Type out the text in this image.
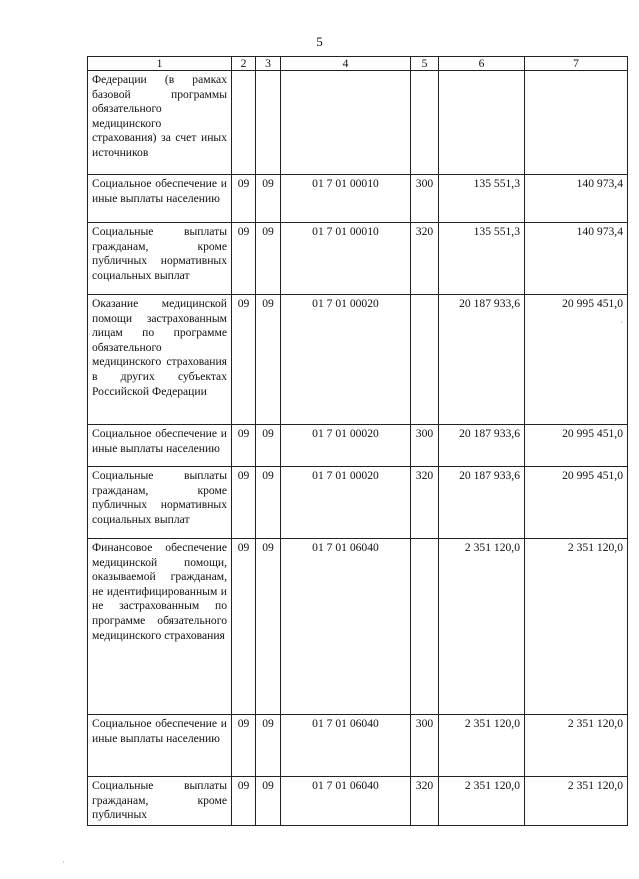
5
1	2	3	4	5	6	7
Федерации (в рамках базовой программы обязательного медицинского страхования) за счет иных источников						
Социальное обеспечение и иные выплаты населению	09	09	01 7 01 00010	300	135 551,3	140 973,4
Социальные выплаты гражданам, кроме публичных нормативных социальных выплат	09	09	01 7 01 00010	320	135 551,3	140 973,4
Оказание медицинской помощи застрахованным лицам по программе обязательного медицинского страхования в других субъектах Российской Федерации	09	09	01 7 01 00020		20 187 933,6	20 995 451,0
Социальное обеспечение и иные выплаты населению	09	09	01 7 01 00020	300	20 187 933,6	20 995 451,0
Социальные выплаты гражданам, кроме публичных нормативных социальных выплат	09	09	01 7 01 00020	320	20 187 933,6	20 995 451,0
Финансовое обеспечение медицинской помощи, оказываемой гражданам, не идентифицированным и не застрахованным по программе обязательного медицинского страхования	09	09	01 7 01 06040		2 351 120,0	2 351 120,0
Социальное обеспечение и иные выплаты населению	09	09	01 7 01 06040	300	2 351 120,0	2 351 120,0
Социальные выплаты гражданам, кроме публичных	09	09	01 7 01 06040	320	2 351 120,0	2 351 120,0
·
·
